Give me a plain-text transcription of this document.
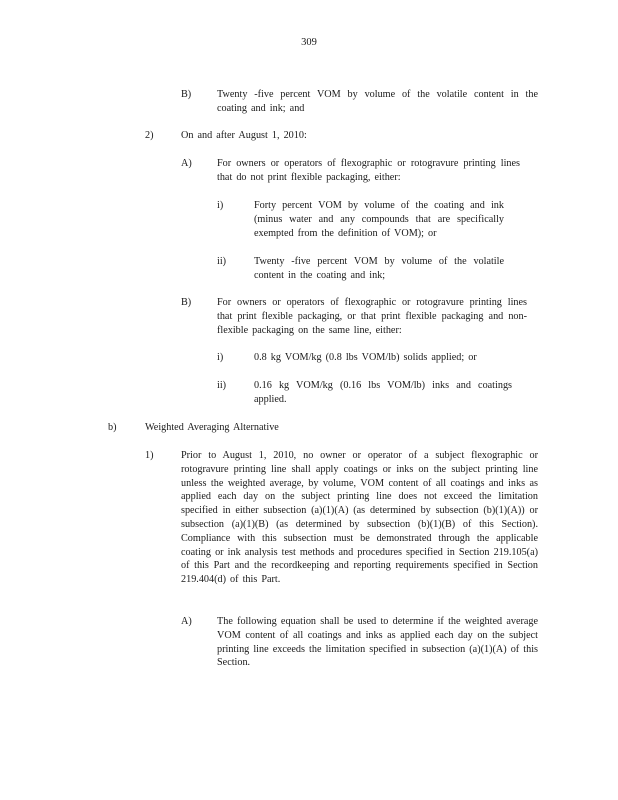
309

B)	Twenty -five percent VOM by volume of the volatile content in the coating and ink; and

2)	On and after August 1, 2010:

A) For owners or operators of flexographic or rotogravure printing lines that do not print flexible packaging, either:

i)	Forty percent VOM by volume of the coating and ink (minus water and any compounds that are specifically exempted from the definition of VOM); or

ii)	Twenty -five percent VOM by volume of the volatile content in the coating and ink;

B)	For owners or operators of flexographic or rotogravure printing lines that print flexible packaging, or that print flexible packaging and non-flexible packaging on the same line, either:

i)	0.8 kg VOM/kg (0.8 lbs VOM/lb) solids applied; or

ii)	0.16 kg VOM/kg (0.16 lbs VOM/lb) inks and coatings applied.

b)	Weighted Averaging Alternative

1)	Prior to August 1, 2010, no owner or operator of a subject flexographic or rotogravure printing line shall apply coatings or inks on the subject printing line unless the weighted average, by volume, VOM content of all coatings and inks as applied each day on the subject printing line does not exceed the limitation specified in either subsection (a)(1)(A) (as determined by subsection (b)(1)(A)) or subsection (a)(1)(B) (as determined by subsection (b)(1)(B) of this Section). Compliance with this subsection must be demonstrated through the applicable coating or ink analysis test methods and procedures specified in Section 219.105(a) of this Part and the recordkeeping and reporting requirements specified in Section 219.404(d) of this Part.

A) The following equation shall be used to determine if the weighted average VOM content of all coatings and inks as applied each day on the subject printing line exceeds the limitation specified in subsection (a)(1)(A) of this Section.
